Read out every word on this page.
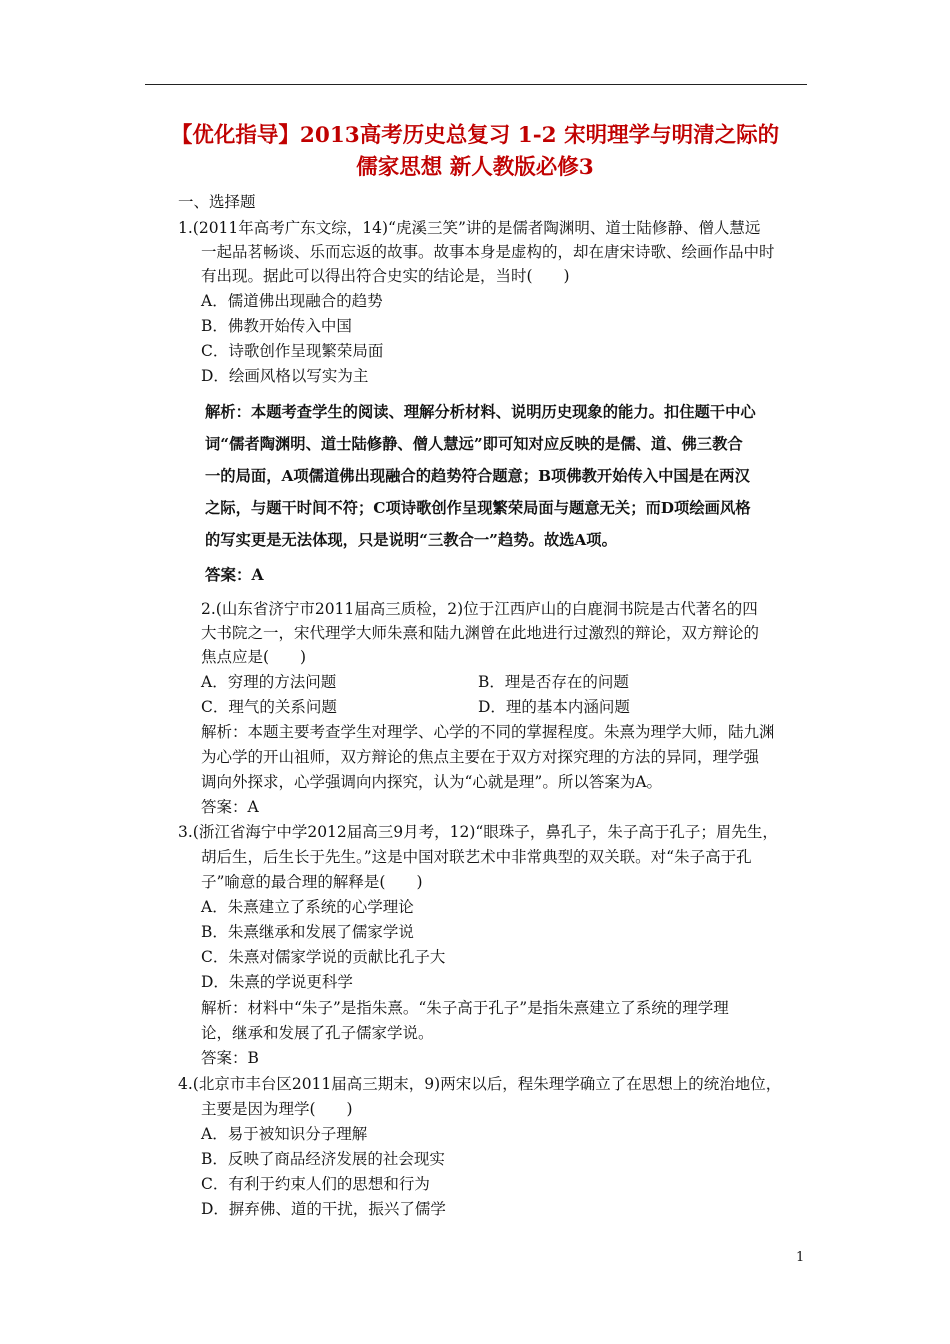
【优化指导】2013高考历史总复习 1-2 宋明理学与明清之际的
儒家思想 新人教版必修3
一、选择题
1.(2011年高考广东文综，14)“虎溪三笑”讲的是儒者陶渊明、道士陆修静、僧人慧远
一起品茗畅谈、乐而忘返的故事。故事本身是虚构的，却在唐宋诗歌、绘画作品中时
有出现。据此可以得出符合史实的结论是，当时(　　)
A．儒道佛出现融合的趋势
B．佛教开始传入中国
C．诗歌创作呈现繁荣局面
D．绘画风格以写实为主
解析：本题考查学生的阅读、理解分析材料、说明历史现象的能力。扣住题干中心
词“儒者陶渊明、道士陆修静、僧人慧远”即可知对应反映的是儒、道、佛三教合
一的局面，A项儒道佛出现融合的趋势符合题意；B项佛教开始传入中国是在两汉
之际，与题干时间不符；C项诗歌创作呈现繁荣局面与题意无关；而D项绘画风格
的写实更是无法体现，只是说明“三教合一”趋势。故选A项。
答案：A
2.(山东省济宁市2011届高三质检，2)位于江西庐山的白鹿洞书院是古代著名的四
大书院之一，宋代理学大师朱熹和陆九渊曾在此地进行过激烈的辩论，双方辩论的
焦点应是(　　)
A．穷理的方法问题	B．理是否存在的问题
C．理气的关系问题	D．理的基本内涵问题
解析：本题主要考查学生对理学、心学的不同的掌握程度。朱熹为理学大师，陆九渊
为心学的开山祖师，双方辩论的焦点主要在于双方对探究理的方法的异同，理学强
调向外探求，心学强调向内探究，认为“心就是理”。所以答案为A。
答案：A
3.(浙江省海宁中学2012届高三9月考，12)“眼珠子，鼻孔子，朱子高于孔子；眉先生，
胡后生，后生长于先生。”这是中国对联艺术中非常典型的双关联。对“朱子高于孔
子”喻意的最合理的解释是(　　)
A．朱熹建立了系统的心学理论
B．朱熹继承和发展了儒家学说
C．朱熹对儒家学说的贡献比孔子大
D．朱熹的学说更科学
解析：材料中“朱子”是指朱熹。“朱子高于孔子”是指朱熹建立了系统的理学理
论，继承和发展了孔子儒家学说。
答案：B
4.(北京市丰台区2011届高三期末，9)两宋以后，程朱理学确立了在思想上的统治地位，
主要是因为理学(　　)
A．易于被知识分子理解
B．反映了商品经济发展的社会现实
C．有利于约束人们的思想和行为
D．摒弃佛、道的干扰，振兴了儒学
1
